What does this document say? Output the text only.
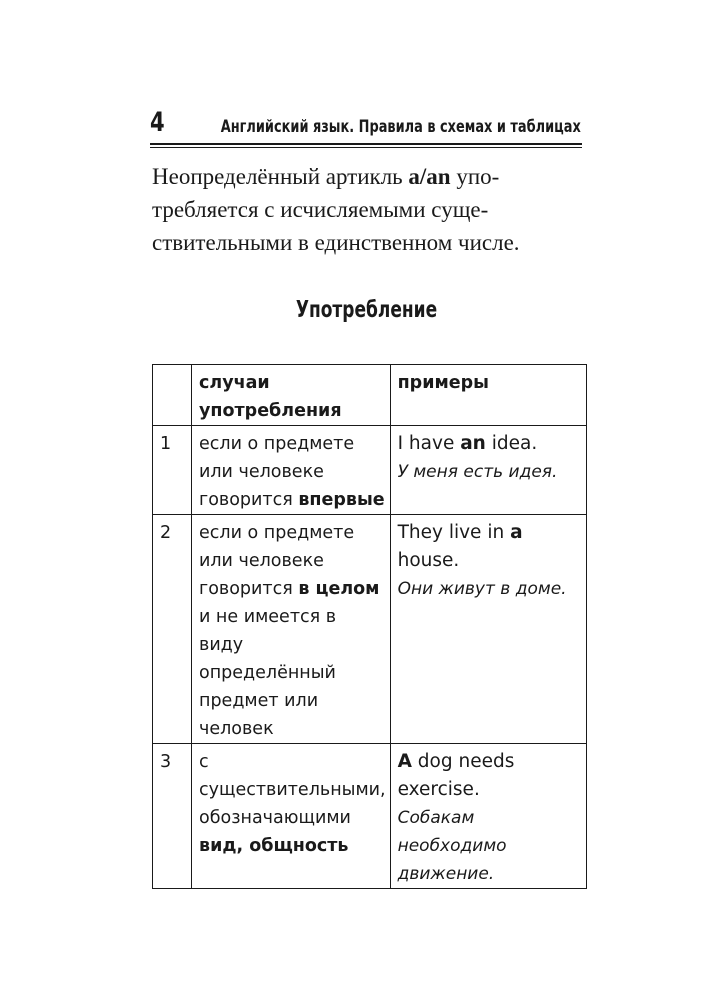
4	Английский язык. Правила в схемах и таблицах

Неопределённый артикль a/an упо-
требляется с исчисляемыми суще-
ствительными в единственном числе.

Употребление
	случаи употребления	примеры
1	если о предмете или человеке говорится впервые	I have an idea.
У меня есть идея.

2	если о предмете или человеке говорится в целом и не имеется в виду определённый предмет или человек	They live in a house.
Они живут в доме.

3	с существительными, обозначающими вид, общность	A dog needs exercise.
Собакам необходимо движение.
